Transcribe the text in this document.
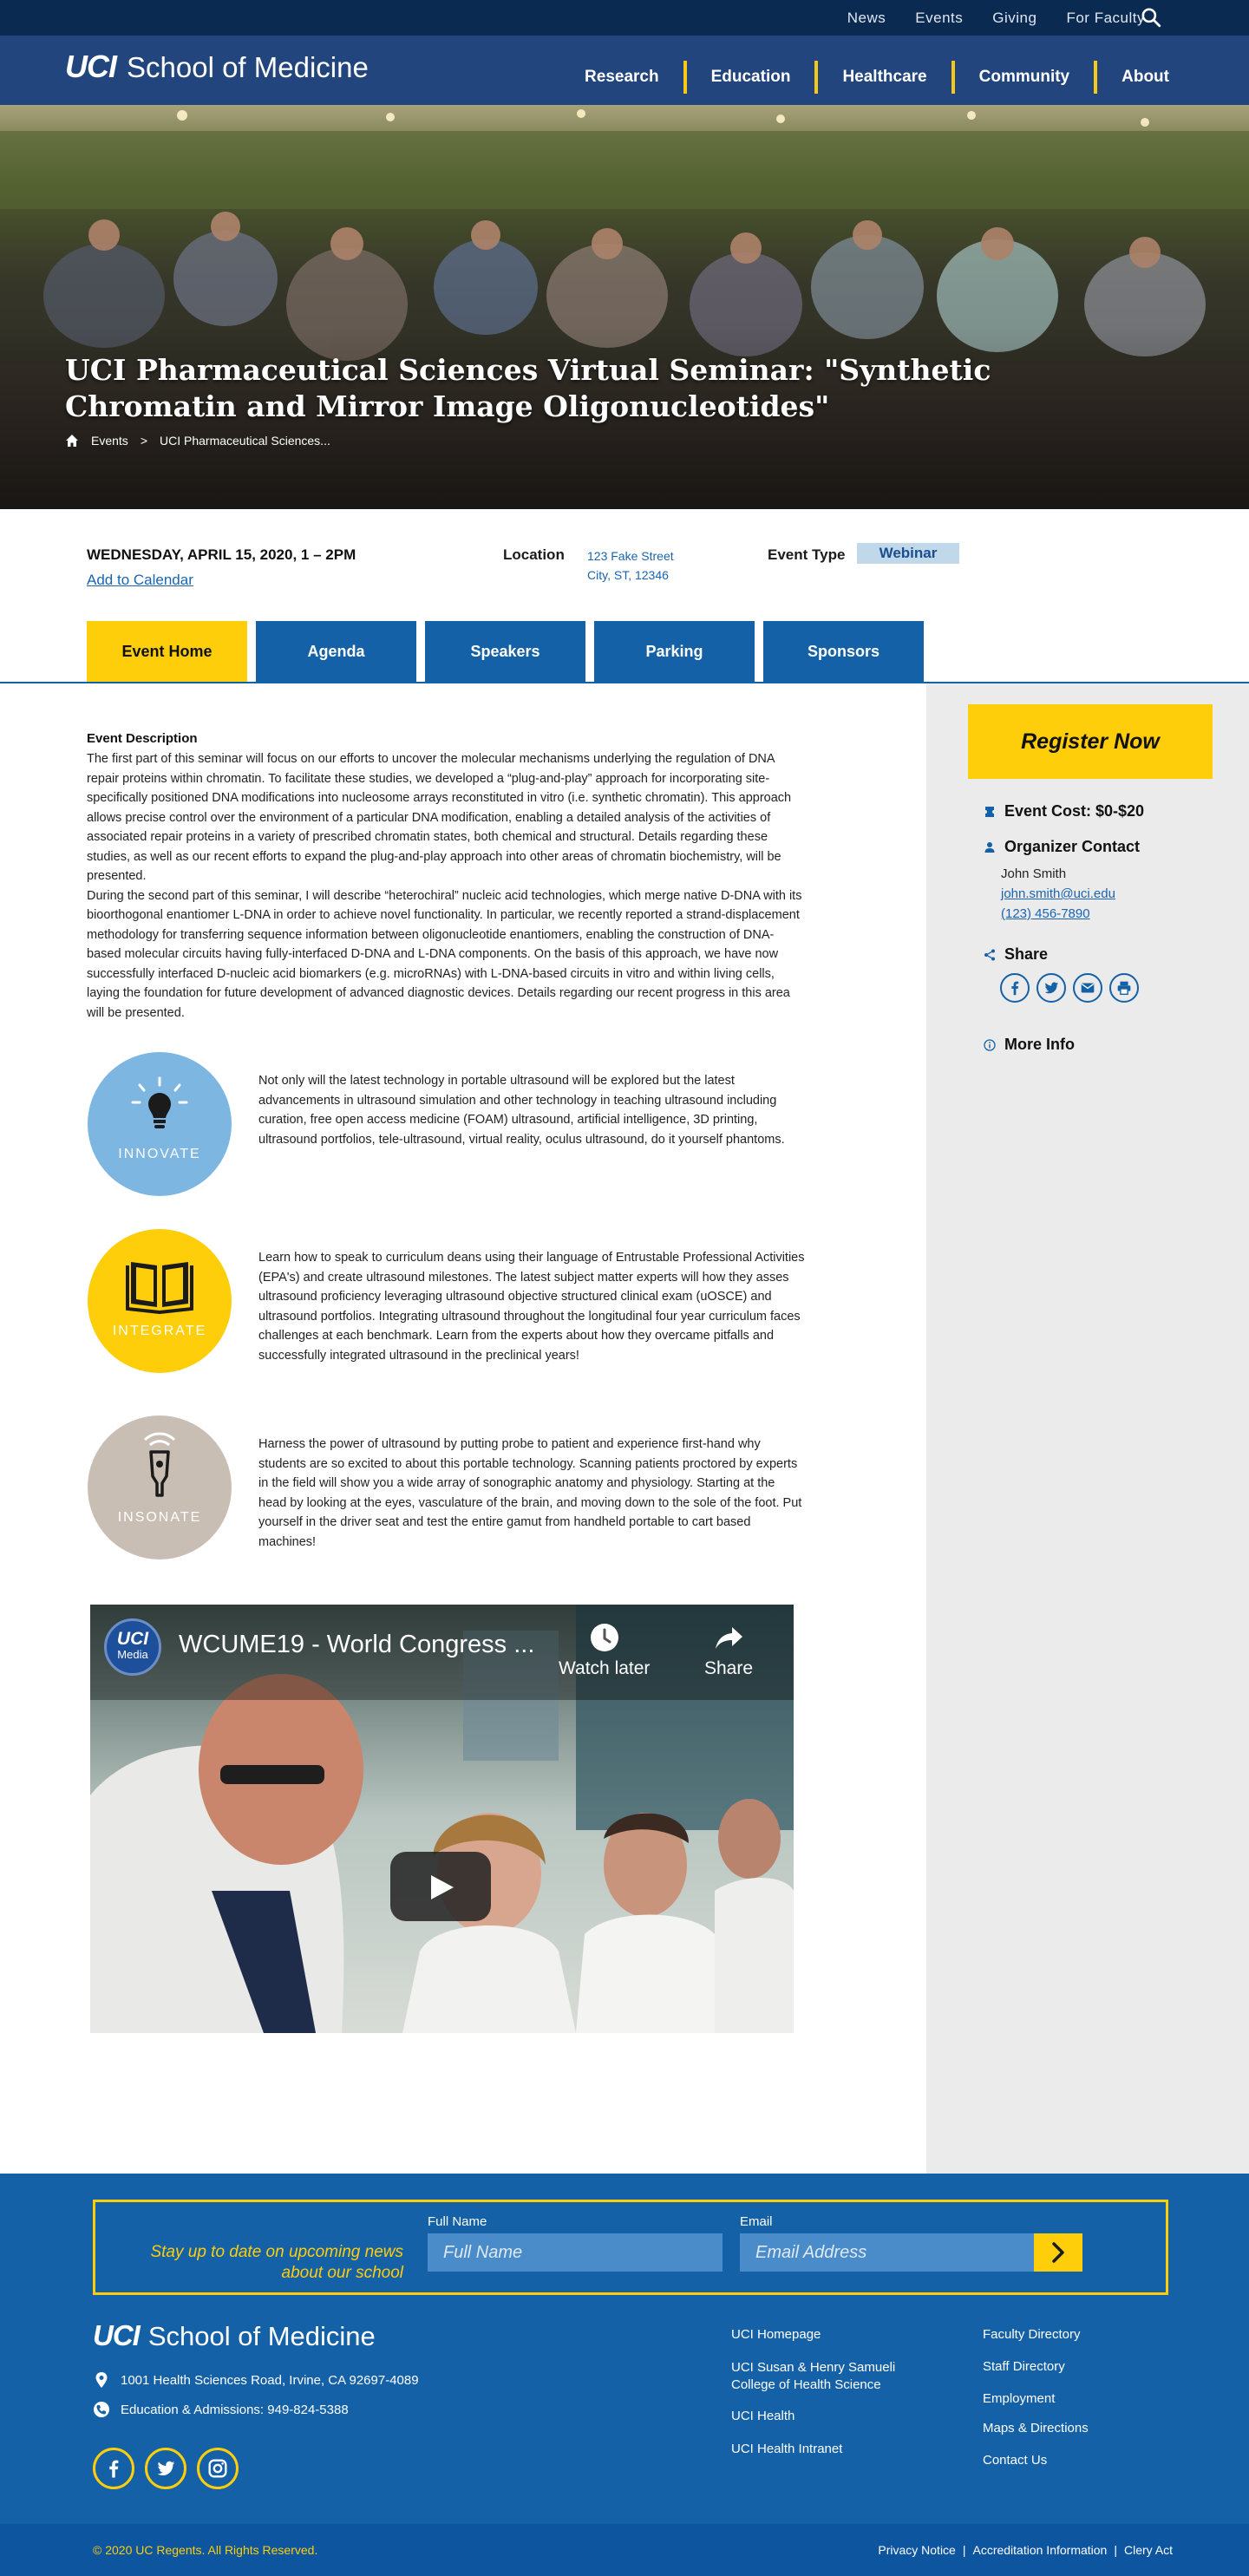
News Events Giving For Faculty
UCI School of Medicine	Research	Education	Healthcare	Community	About
UCI Pharmaceutical Sciences Virtual Seminar: "Synthetic Chromatin and Mirror Image Oligonucleotides"
Events > UCI Pharmaceutical Sciences...
WEDNESDAY, APRIL 15, 2020, 1 – 2PM
Add to Calendar
Location 123 Fake Street
City, ST, 12346
Event Type	Webinar
Event Home	Agenda	Speakers	Parking	Sponsors
Register Now
Event Cost: $0-$20
Organizer Contact
John Smith
john.smith@uci.edu
(123) 456-7890
Share
More Info
Event Description

The first part of this seminar will focus on our efforts to uncover the molecular mechanisms underlying the regulation of DNA repair proteins within chromatin. To facilitate these studies, we developed a “plug-and-play” approach for incorporating site-specifically positioned DNA modifications into nucleosome arrays reconstituted in vitro (i.e. synthetic chromatin). This approach allows precise control over the environment of a particular DNA modification, enabling a detailed analysis of the activities of associated repair proteins in a variety of prescribed chromatin states, both chemical and structural. Details regarding these studies, as well as our recent efforts to expand the plug-and-play approach into other areas of chromatin biochemistry, will be presented.

During the second part of this seminar, I will describe “heterochiral” nucleic acid technologies, which merge native D-DNA with its bioorthogonal enantiomer L-DNA in order to achieve novel functionality. In particular, we recently reported a strand-displacement methodology for transferring sequence information between oligonucleotide enantiomers, enabling the construction of DNA-based molecular circuits having fully-interfaced D-DNA and L-DNA components. On the basis of this approach, we have now successfully interfaced D-nucleic acid biomarkers (e.g. microRNAs) with L-DNA-based circuits in vitro and within living cells, laying the foundation for future development of advanced diagnostic devices. Details regarding our recent progress in this area will be presented.

INNOVATE

Not only will the latest technology in portable ultrasound will be explored but the latest advancements in ultrasound simulation and other technology in teaching ultrasound including curation, free open access medicine (FOAM) ultrasound, artificial intelligence, 3D printing, ultrasound portfolios, tele-ultrasound, virtual reality, oculus ultrasound, do it yourself phantoms.

INTEGRATE

Learn how to speak to curriculum deans using their language of Entrustable Professional Activities (EPA's) and create ultrasound milestones. The latest subject matter experts will how they asses ultrasound proficiency leveraging ultrasound objective structured clinical exam (uOSCE) and ultrasound portfolios. Integrating ultrasound throughout the longitudinal four year curriculum faces challenges at each benchmark. Learn from the experts about how they overcame pitfalls and successfully integrated ultrasound in the preclinical years!

INSONATE

Harness the power of ultrasound by putting probe to patient and experience first-hand why students are so excited to about this portable technology. Scanning patients proctored by experts in the field will show you a wide array of sonographic anatomy and physiology. Starting at the head by looking at the eyes, vasculature of the brain, and moving down to the sole of the foot. Put yourself in the driver seat and test the entire gamut from handheld portable to cart based machines!

UCI
Media	WCUME19 - World Congress ...
Watch later	Share
Stay up to date on upcoming news about our school
Full Name
Full Name
Email
Email Address
UCI School of Medicine
1001 Health Sciences Road, Irvine, CA 92697-4089
Education & Admissions: 949-824-5388
UCI Homepage
UCI Susan & Henry Samueli College of Health Science
UCI Health
UCI Health Intranet
Faculty Directory
Staff Directory
Employment
Maps & Directions
Contact Us
© 2020 UC Regents. All Rights Reserved.	Privacy Notice | Accreditation Information | Clery Act
